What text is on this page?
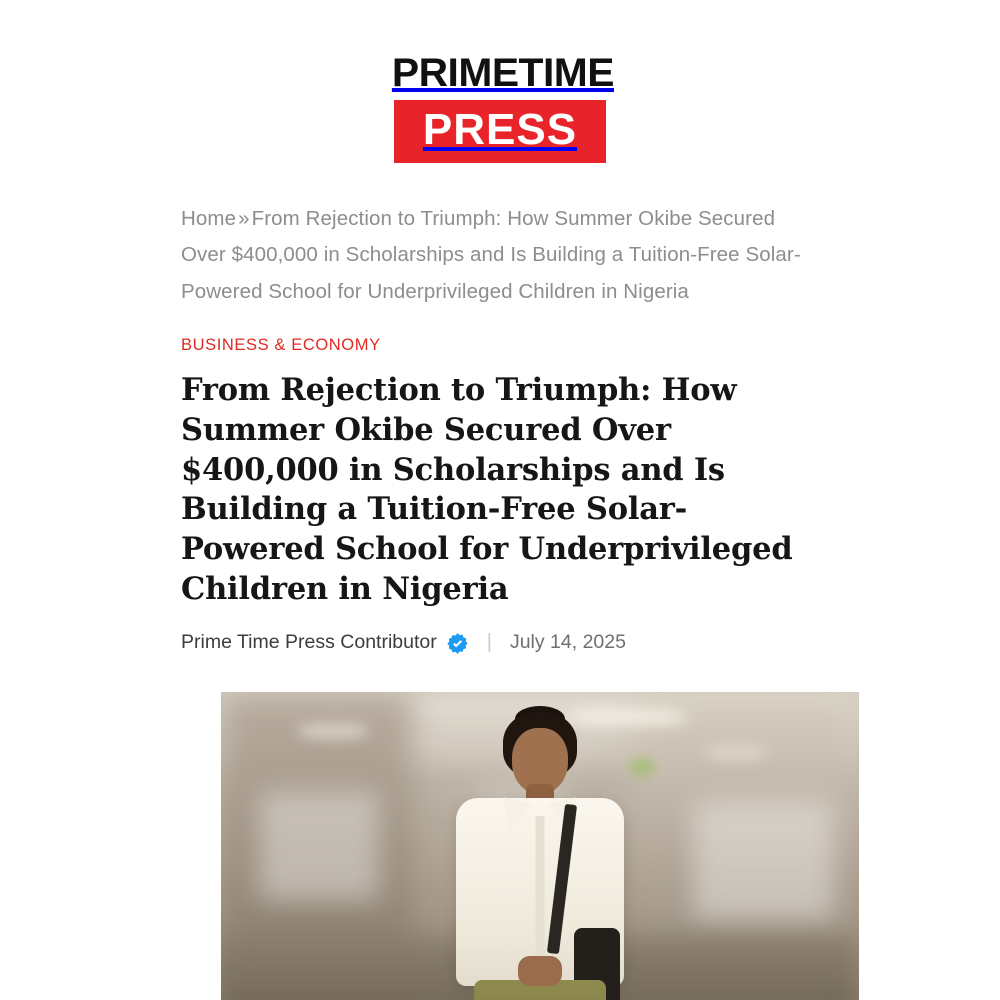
PRIMETIME
PRESS
Home»From Rejection to Triumph: How Summer Okibe Secured Over $400,000 in Scholarships and Is Building a Tuition-Free Solar-Powered School for Underprivileged Children in Nigeria
BUSINESS & ECONOMY
From Rejection to Triumph: How Summer Okibe Secured Over $400,000 in Scholarships and Is Building a Tuition-Free Solar-Powered School for Underprivileged Children in Nigeria
Prime Time Press Contributor	| July 14, 2025
